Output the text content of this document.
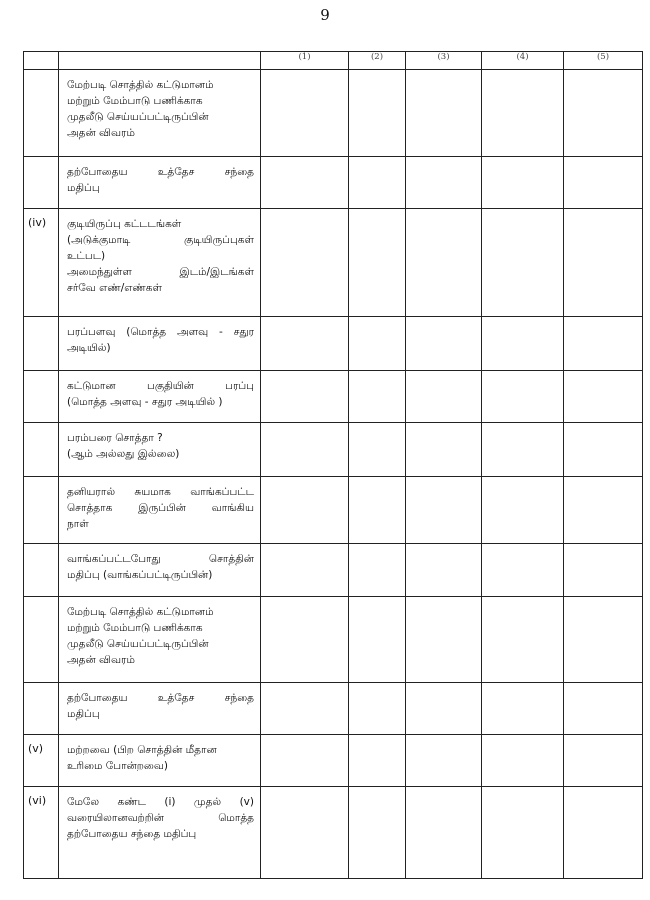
9
		(1)	(2)	(3)	(4)	(5)

	மேற்படி சொத்தில் கட்டுமானம்
மற்றும் மேம்பாடு பணிக்காக
முதலீடு செய்யப்பட்டிருப்பின்
அதன் விவரம்					

	தற்போதைய உத்தேச சந்தை
மதிப்பு					

(iv)	குடியிருப்பு கட்டடங்கள்
(அடுக்குமாடி குடியிருப்புகள்
உட்பட)
அமைந்துள்ள இடம்/இடங்கள்
சர்வே எண்/எண்கள்					

	பரப்பளவு (மொத்த அளவு - சதுர
அடியில்)					

	கட்டுமான பகுதியின் பரப்பு
(மொத்த அளவு - சதுர அடியில் )					

	பரம்பரை சொத்தா ?
(ஆம் அல்லது இல்லை)					

	தனியரால் சுயமாக வாங்கப்பட்ட
சொத்தாக இருப்பின் வாங்கிய
நாள்					

	வாங்கப்பட்டபோது சொத்தின்
மதிப்பு (வாங்கப்பட்டிருப்பின்)					

	மேற்படி சொத்தில் கட்டுமானம்
மற்றும் மேம்பாடு பணிக்காக
முதலீடு செய்யப்பட்டிருப்பின்
அதன் விவரம்					

	தற்போதைய உத்தேச சந்தை
மதிப்பு					

(v)	மற்றவை (பிற சொத்தின் மீதான
உரிமை போன்றவை)					

(vi)	மேலே கண்ட (i) முதல் (v)
வரையிலானவற்றின் மொத்த
தற்போதைய சந்தை மதிப்பு					
